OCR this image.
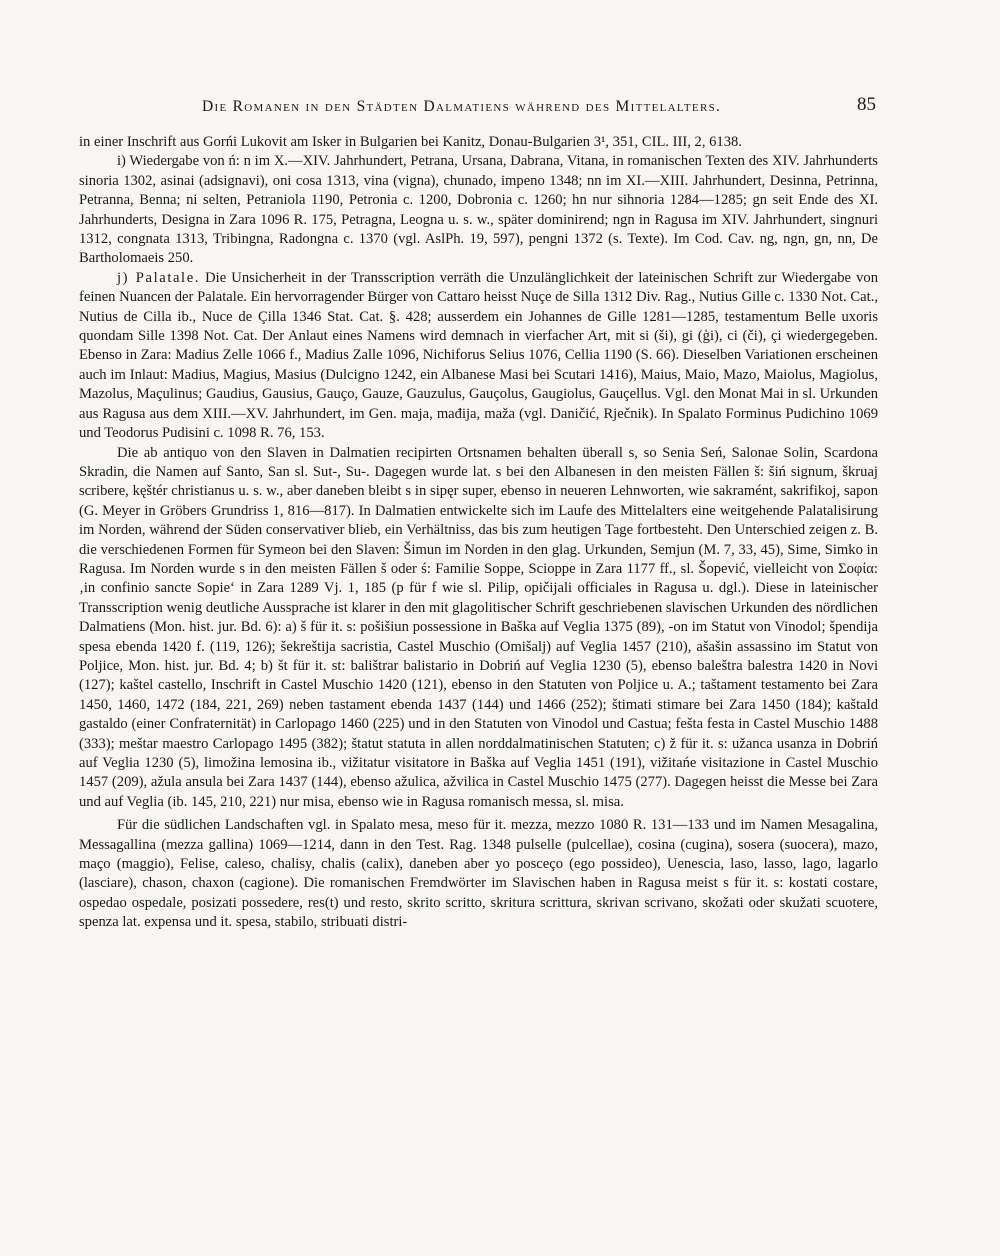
Die Romanen in den Städten Dalmatiens während des Mittelalters.	85

in einer Inschrift aus Gorńi Lukovit am Isker in Bulgarien bei Kanitz, Donau-Bulgarien 3¹, 351, CIL. III, 2, 6138.

i) Wiedergabe von ń: n im X.—XIV. Jahrhundert, Petrana, Ursana, Dabrana, Vitana, in romanischen Texten des XIV. Jahrhunderts sinoria 1302, asinai (adsignavi), oni cosa 1313, vina (vigna), chunado, impeno 1348; nn im XI.—XIII. Jahrhundert, Desinna, Petrinna, Petranna, Benna; ni selten, Petraniola 1190, Petronia c. 1200, Dobronia c. 1260; hn nur sihnoria 1284—1285; gn seit Ende des XI. Jahrhunderts, Designa in Zara 1096 R. 175, Petragna, Leogna u. s. w., später dominirend; ngn in Ragusa im XIV. Jahrhundert, singnuri 1312, congnata 1313, Tribingna, Radongna c. 1370 (vgl. AslPh. 19, 597), pengni 1372 (s. Texte). Im Cod. Cav. ng, ngn, gn, nn, De Bartholomaeis 250.

j) Palatale. Die Unsicherheit in der Transscription verräth die Unzulänglichkeit der lateinischen Schrift zur Wiedergabe von feinen Nuancen der Palatale. Ein hervorragender Bürger von Cattaro heisst Nuçe de Silla 1312 Div. Rag., Nutius Gille c. 1330 Not. Cat., Nutius de Cilla ib., Nuce de Çilla 1346 Stat. Cat. §. 428; ausserdem ein Johannes de Gille 1281—1285, testamentum Belle uxoris quondam Sille 1398 Not. Cat. Der Anlaut eines Namens wird demnach in vierfacher Art, mit si (ši), gi (ģi), ci (či), çi wiedergegeben. Ebenso in Zara: Madius Zelle 1066 f., Madius Zalle 1096, Nichiforus Selius 1076, Cellia 1190 (S. 66). Dieselben Variationen erscheinen auch im Inlaut: Madius, Magius, Masius (Dulcigno 1242, ein Albanese Masi bei Scutari 1416), Maius, Maio, Mazo, Maiolus, Magiolus, Mazolus, Maçulinus; Gaudius, Gausius, Gauço, Gauze, Gauzulus, Gauçolus, Gaugiolus, Gauçellus. Vgl. den Monat Mai in sl. Urkunden aus Ragusa aus dem XIII.—XV. Jahrhundert, im Gen. maja, mađija, maža (vgl. Daničić, Rječnik). In Spalato Forminus Pudichino 1069 und Teodorus Pudisini c. 1098 R. 76, 153.

Die ab antiquo von den Slaven in Dalmatien recipirten Ortsnamen behalten überall s, so Senia Seń, Salonae Solin, Scardona Skradin, die Namen auf Santo, San sl. Sut-, Su-. Dagegen wurde lat. s bei den Albanesen in den meisten Fällen š: šiń signum, škruaj scribere, kęštér christianus u. s. w., aber daneben bleibt s in sipęr super, ebenso in neueren Lehnworten, wie sakramént, sakrifikoj, sapon (G. Meyer in Gröbers Grundriss 1, 816—817). In Dalmatien entwickelte sich im Laufe des Mittelalters eine weitgehende Palatalisirung im Norden, während der Süden conservativer blieb, ein Verhältniss, das bis zum heutigen Tage fortbesteht. Den Unterschied zeigen z. B. die verschiedenen Formen für Symeon bei den Slaven: Šimun im Norden in den glag. Urkunden, Semjun (M. 7, 33, 45), Sime, Simko in Ragusa. Im Norden wurde s in den meisten Fällen š oder ś: Familie Soppe, Scioppe in Zara 1177 ff., sl. Šopević, vielleicht von Σοφία: ‚in confinio sancte Sopie‘ in Zara 1289 Vj. 1, 185 (p für f wie sl. Pilip, opičijali officiales in Ragusa u. dgl.). Diese in lateinischer Transscription wenig deutliche Aussprache ist klarer in den mit glagolitischer Schrift geschriebenen slavischen Urkunden des nördlichen Dalmatiens (Mon. hist. jur. Bd. 6): a) š für it. s: pošišiun possessione in Baška auf Veglia 1375 (89), -on im Statut von Vinodol; špendija spesa ebenda 1420 f. (119, 126); šekreštija sacristia, Castel Muschio (Omišalj) auf Veglia 1457 (210), ašašin assassino im Statut von Poljice, Mon. hist. jur. Bd. 4; b) št für it. st: balištrar balistario in Dobriń auf Veglia 1230 (5), ebenso baleštra balestra 1420 in Novi (127); kaštel castello, Inschrift in Castel Muschio 1420 (121), ebenso in den Statuten von Poljice u. A.; taštament testamento bei Zara 1450, 1460, 1472 (184, 221, 269) neben tastament ebenda 1437 (144) und 1466 (252); štimati stimare bei Zara 1450 (184); kaštald gastaldo (einer Confraternität) in Carlopago 1460 (225) und in den Statuten von Vinodol und Castua; fešta festa in Castel Muschio 1488 (333); meštar maestro Carlopago 1495 (382); štatut statuta in allen norddalmatinischen Statuten; c) ž für it. s: užanca usanza in Dobriń auf Veglia 1230 (5), limožina lemosina ib., vižitatur visitatore in Baška auf Veglia 1451 (191), vižitańe visitazione in Castel Muschio 1457 (209), ažula ansula bei Zara 1437 (144), ebenso ažulica, ažvilica in Castel Muschio 1475 (277). Dagegen heisst die Messe bei Zara und auf Veglia (ib. 145, 210, 221) nur misa, ebenso wie in Ragusa romanisch messa, sl. misa.

Für die südlichen Landschaften vgl. in Spalato mesa, meso für it. mezza, mezzo 1080 R. 131—133 und im Namen Mesagalina, Messagallina (mezza gallina) 1069—1214, dann in den Test. Rag. 1348 pulselle (pulcellae), cosina (cugina), sosera (suocera), mazo, maço (maggio), Felise, caleso, chalisy, chalis (calix), daneben aber yo posceço (ego possideo), Uenescia, laso, lasso, lago, lagarlo (lasciare), chason, chaxon (cagione). Die romanischen Fremdwörter im Slavischen haben in Ragusa meist s für it. s: kostati costare, ospedao ospedale, posizati possedere, res(t) und resto, skrito scritto, skritura scrittura, skrivan scrivano, skožati oder skužati scuotere, spenza lat. expensa und it. spesa, stabilo, stribuati distri-
